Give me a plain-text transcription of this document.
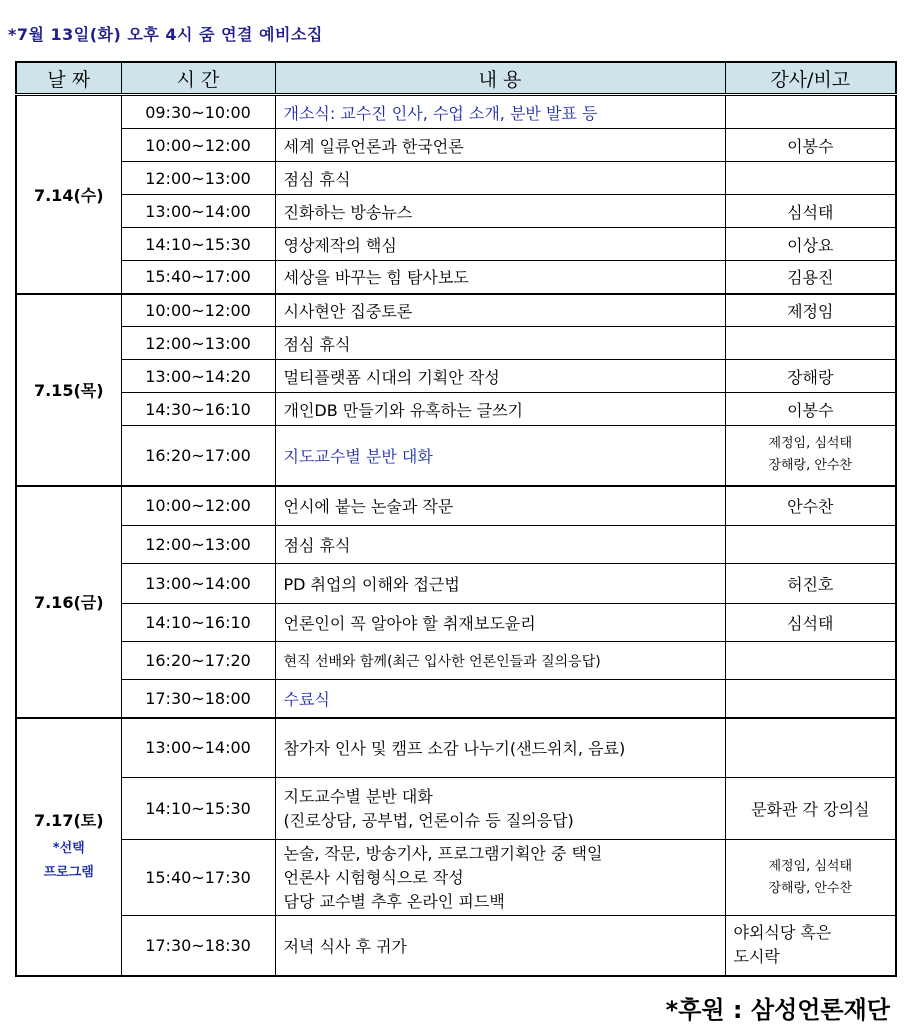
*7월 13일(화) 오후 4시 줌 연결 예비소집
날 짜	시 간	내 용	강사/비고
7.14(수)	09:30~10:00	개소식: 교수진 인사, 수업 소개, 분반 발표 등	
	10:00~12:00	세계 일류언론과 한국언론	이봉수
	12:00~13:00	점심 휴식	
	13:00~14:00	진화하는 방송뉴스	심석태
	14:10~15:30	영상제작의 핵심	이상요
	15:40~17:00	세상을 바꾸는 힘 탐사보도	김용진
7.15(목)	10:00~12:00	시사현안 집중토론	제정임
	12:00~13:00	점심 휴식	
	13:00~14:20	멀티플랫폼 시대의 기획안 작성	장해랑
	14:30~16:10	개인DB 만들기와 유혹하는 글쓰기	이봉수
	16:20~17:00	지도교수별 분반 대화	제정임, 심석태
장해랑, 안수찬
7.16(금)	10:00~12:00	언시에 붙는 논술과 작문	안수찬
	12:00~13:00	점심 휴식	
	13:00~14:00	PD 취업의 이해와 접근법	허진호
	14:10~16:10	언론인이 꼭 알아야 할 취재보도윤리	심석태
	16:20~17:20	현직 선배와 함께(최근 입사한 언론인들과 질의응답)	
	17:30~18:00	수료식	
7.17(토)
*선택
프로그램	13:00~14:00	참가자 인사 및 캠프 소감 나누기(샌드위치, 음료)	
	14:10~15:30	지도교수별 분반 대화
(진로상담, 공부법, 언론이슈 등 질의응답)	문화관 각 강의실
	15:40~17:30	논술, 작문, 방송기사, 프로그램기획안 중 택일
언론사 시험형식으로 작성
담당 교수별 추후 온라인 피드백	제정임, 심석태
장해랑, 안수찬
	17:30~18:30	저녁 식사 후 귀가	야외식당 혹은
도시락
*후원 : 삼성언론재단
